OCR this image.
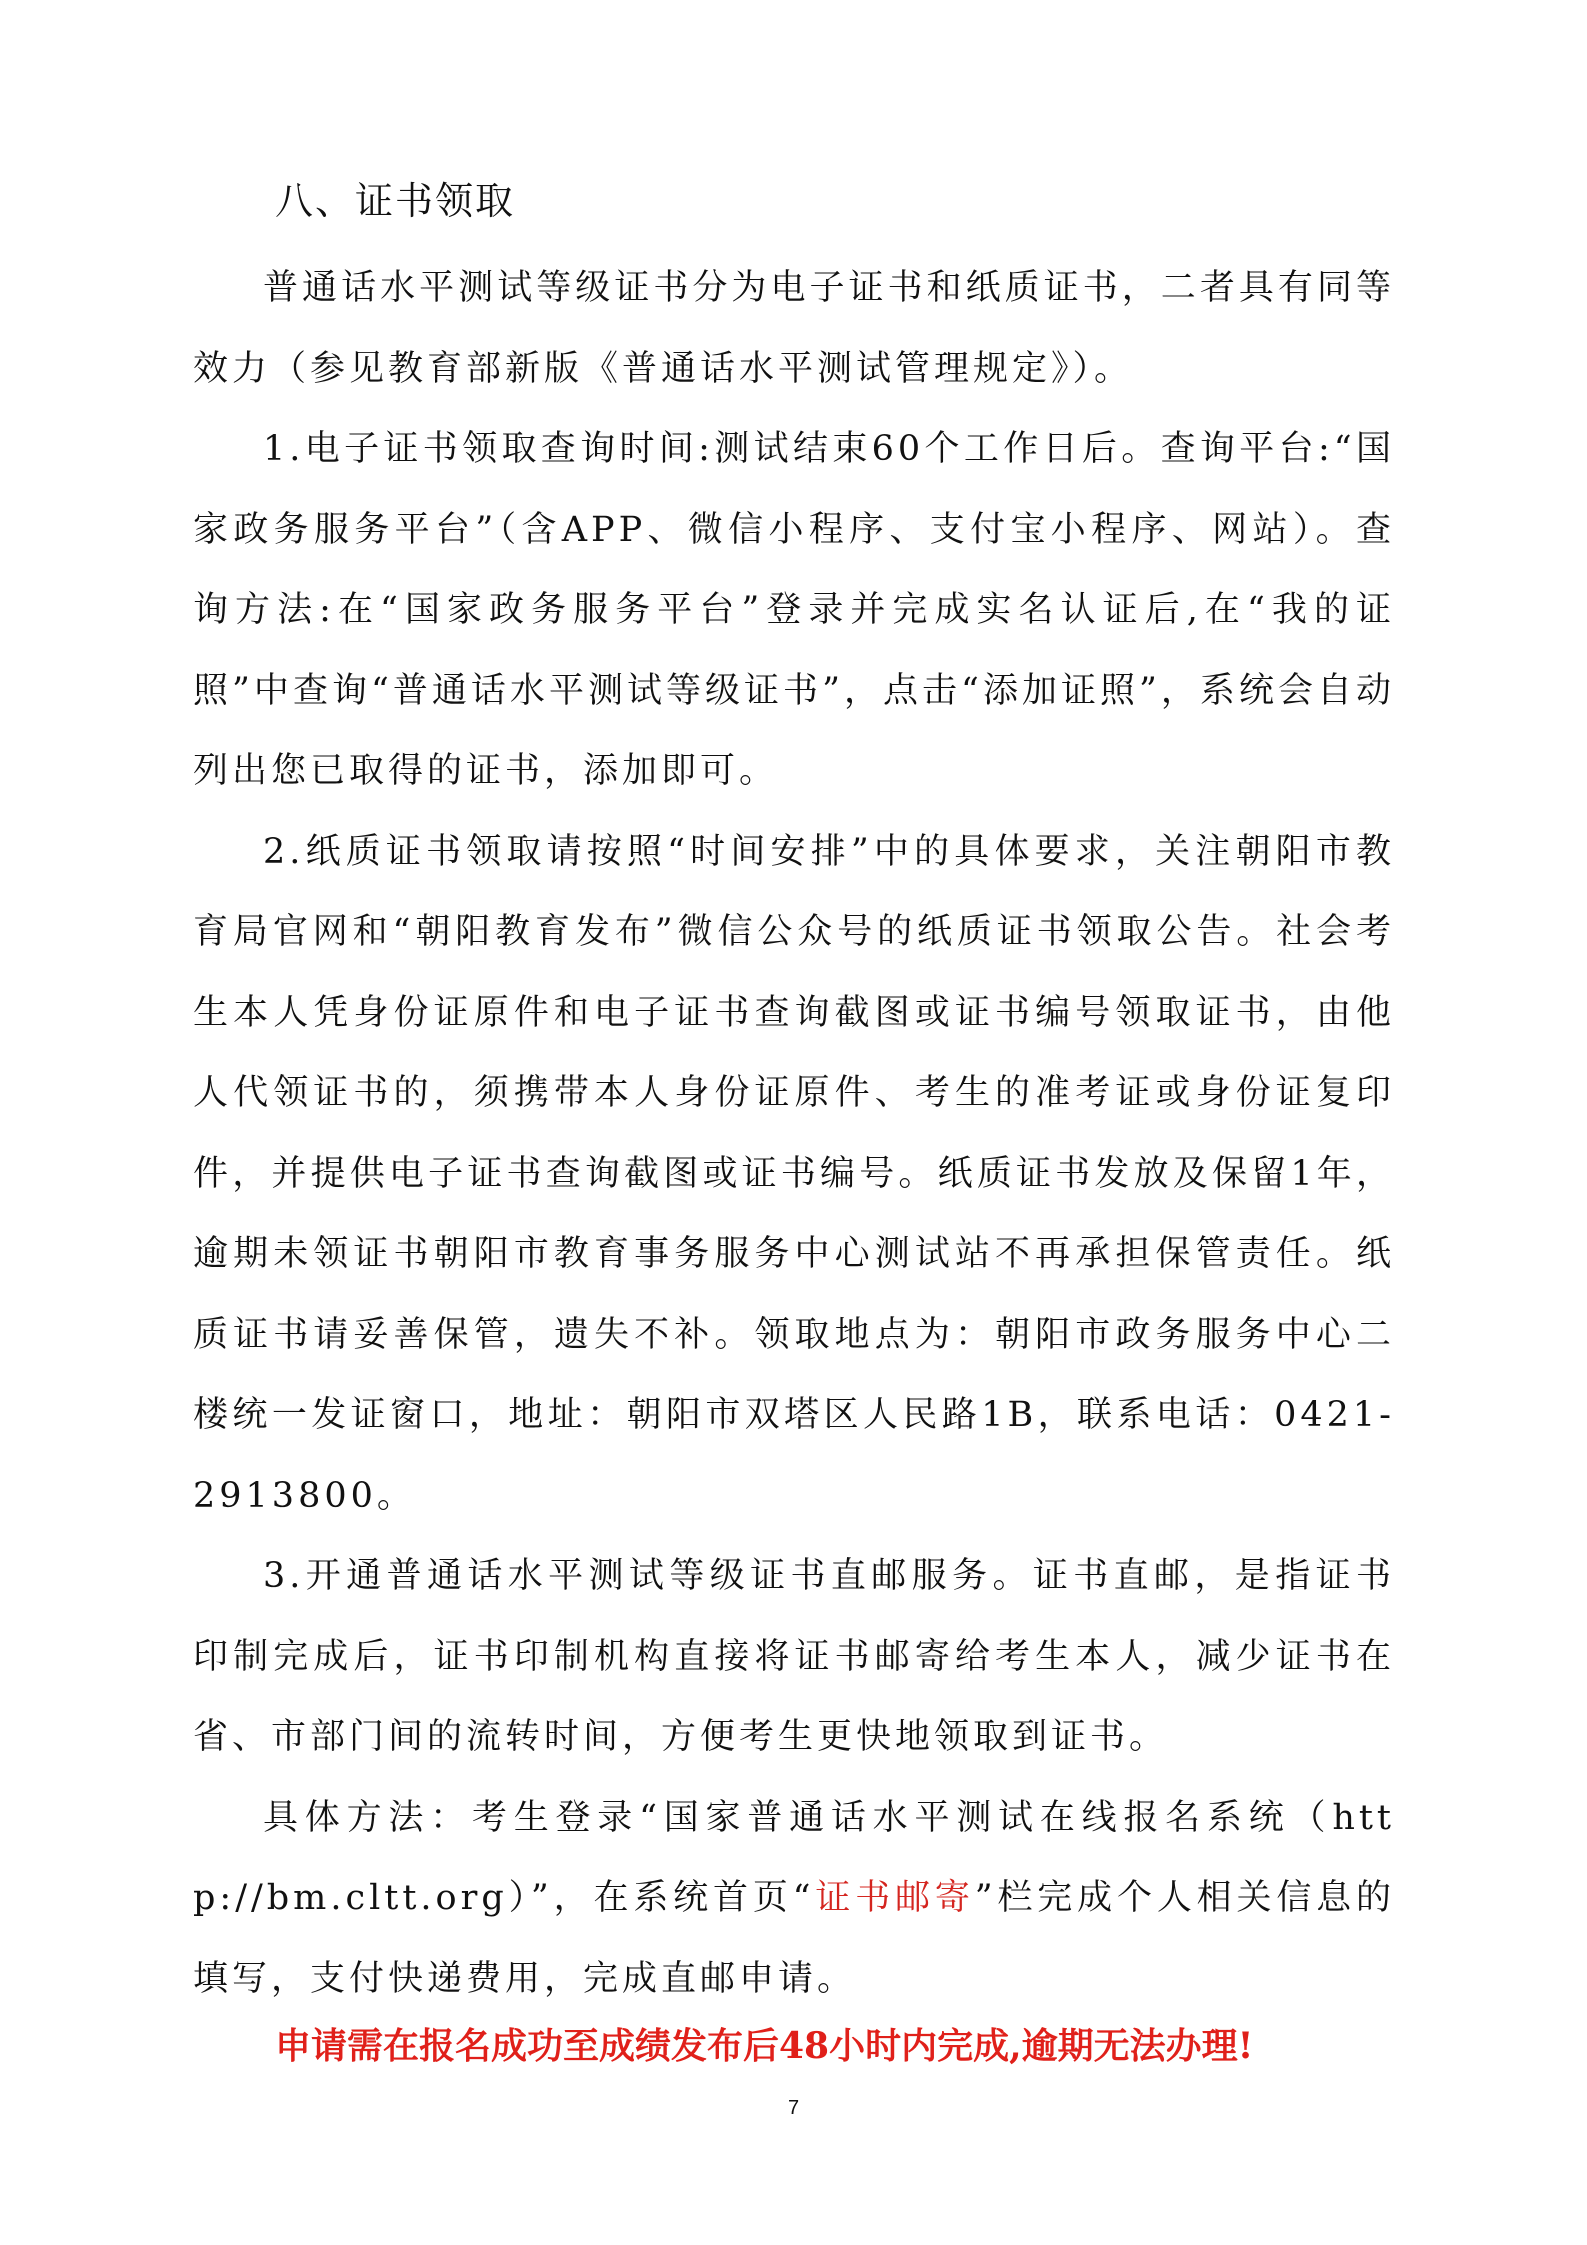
八、证书领取

普通话水平测试等级证书分为电子证书和纸质证书，二者具有同等效力（参见教育部新版《普通话水平测试管理规定》）。

1.电子证书领取查询时间:测试结束60个工作日后。查询平台:“国家政务服务平台”（含APP、微信小程序、支付宝小程序、网站）。查询方法:在“国家政务服务平台”登录并完成实名认证后,在“我的证照”中查询“普通话水平测试等级证书”，点击“添加证照”，系统会自动列出您已取得的证书，添加即可。

2.纸质证书领取请按照“时间安排”中的具体要求，关注朝阳市教育局官网和“朝阳教育发布”微信公众号的纸质证书领取公告。社会考生本人凭身份证原件和电子证书查询截图或证书编号领取证书，由他人代领证书的，须携带本人身份证原件、考生的准考证或身份证复印件，并提供电子证书查询截图或证书编号。纸质证书发放及保留1年，逾期未领证书朝阳市教育事务服务中心测试站不再承担保管责任。纸质证书请妥善保管，遗失不补。领取地点为：朝阳市政务服务中心二楼统一发证窗口，地址：朝阳市双塔区人民路1B，联系电话：0421-2913800。

3.开通普通话水平测试等级证书直邮服务。证书直邮，是指证书印制完成后，证书印制机构直接将证书邮寄给考生本人，减少证书在省、市部门间的流转时间，方便考生更快地领取到证书。

具体方法：考生登录“国家普通话水平测试在线报名系统（http://bm.cltt.org）”，在系统首页“证书邮寄”栏完成个人相关信息的填写，支付快递费用，完成直邮申请。

申请需在报名成功至成绩发布后48小时内完成,逾期无法办理!
7
